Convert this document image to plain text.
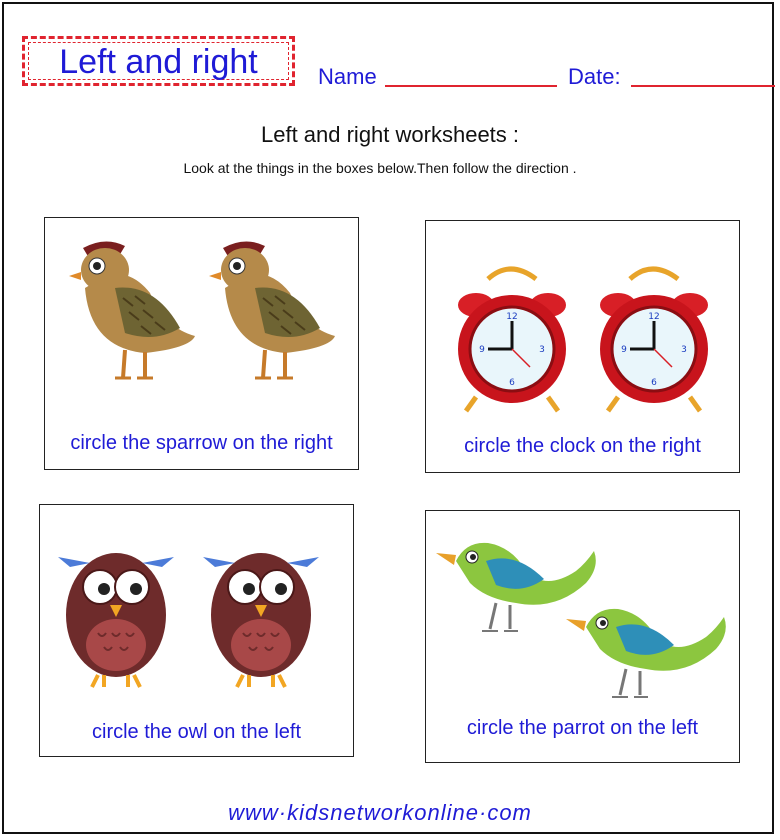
Left and right	Name	Date:
Left and right worksheets :
Look at the things in the boxes below.Then follow the direction .
circle the sparrow on the right
12
3
6
9
circle the clock on the right
circle the owl on the left	circle the parrot on the left
www·kidsnetworkonline·com
